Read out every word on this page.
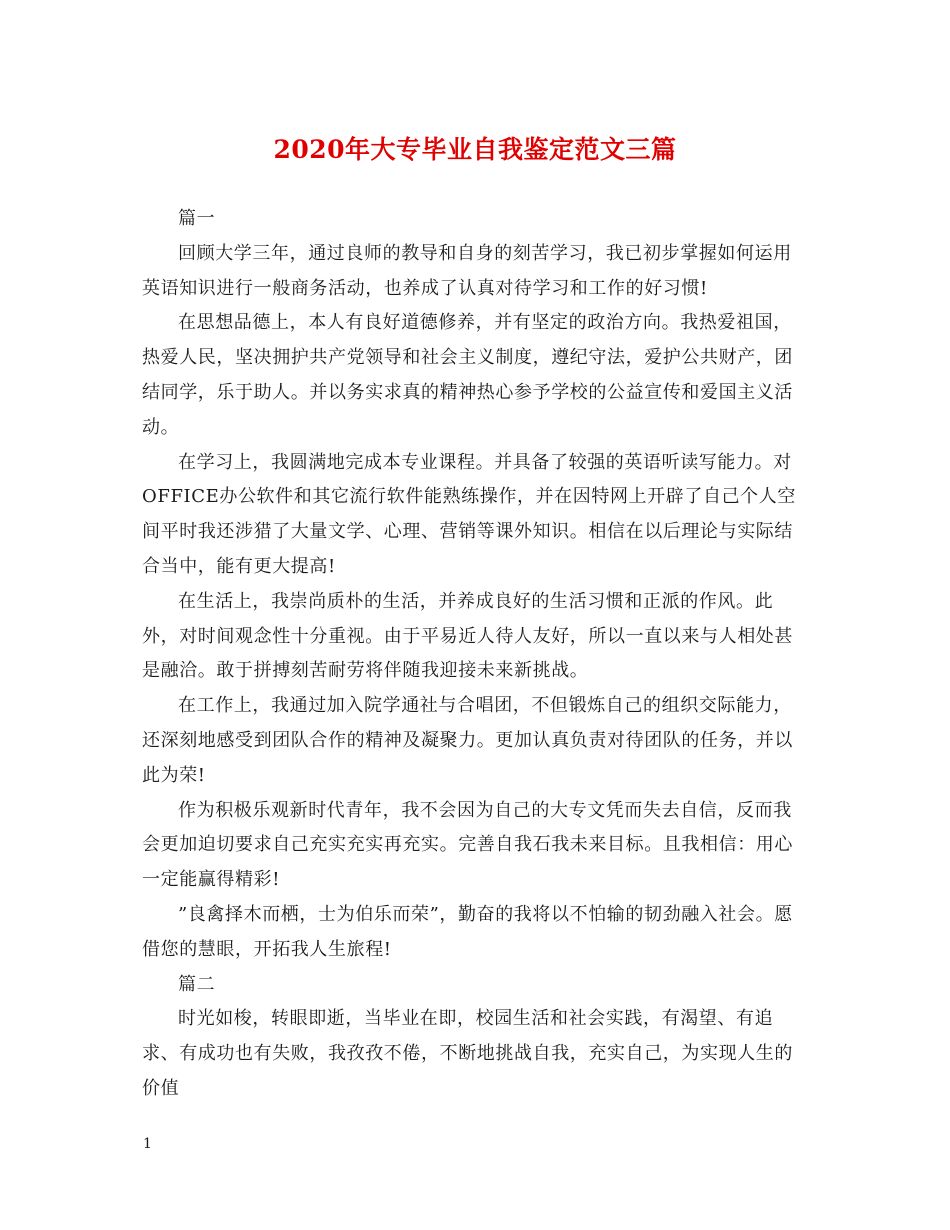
2020年大专毕业自我鉴定范文三篇

篇一

回顾大学三年，通过良师的教导和自身的刻苦学习，我已初步掌握如何运用英语知识进行一般商务活动，也养成了认真对待学习和工作的好习惯!

在思想品德上，本人有良好道德修养，并有坚定的政治方向。我热爱祖国，热爱人民，坚决拥护共产党领导和社会主义制度，遵纪守法，爱护公共财产，团结同学，乐于助人。并以务实求真的精神热心参予学校的公益宣传和爱国主义活动。

在学习上，我圆满地完成本专业课程。并具备了较强的英语听读写能力。对OFFICE办公软件和其它流行软件能熟练操作，并在因特网上开辟了自己个人空间平时我还涉猎了大量文学、心理、营销等课外知识。相信在以后理论与实际结合当中，能有更大提高!

在生活上，我崇尚质朴的生活，并养成良好的生活习惯和正派的作风。此外，对时间观念性十分重视。由于平易近人待人友好，所以一直以来与人相处甚是融洽。敢于拼搏刻苦耐劳将伴随我迎接未来新挑战。

在工作上，我通过加入院学通社与合唱团，不但锻炼自己的组织交际能力，还深刻地感受到团队合作的精神及凝聚力。更加认真负责对待团队的任务，并以此为荣!

作为积极乐观新时代青年，我不会因为自己的大专文凭而失去自信，反而我会更加迫切要求自己充实充实再充实。完善自我石我未来目标。且我相信：用心一定能赢得精彩!

”良禽择木而栖，士为伯乐而荣”，勤奋的我将以不怕输的韧劲融入社会。愿借您的慧眼，开拓我人生旅程!

篇二

时光如梭，转眼即逝，当毕业在即，校园生活和社会实践，有渴望、有追求、有成功也有失败，我孜孜不倦，不断地挑战自我，充实自己，为实现人生的价值

1
